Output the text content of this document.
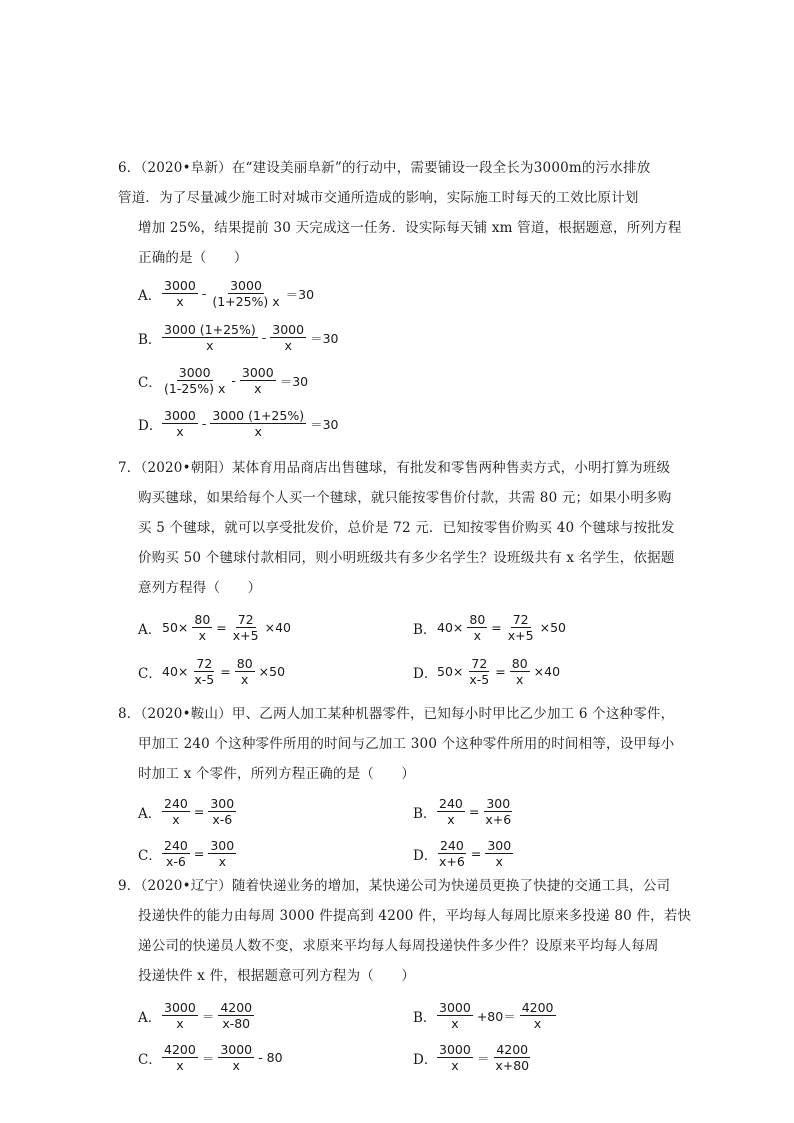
6．（2020•阜新）在“建设美丽阜新”的行动中，需要铺设一段全长为3000m的污水排放
管道．为了尽量减少施工时对城市交通所造成的影响，实际施工时每天的工效比原计划
增加 25%，结果提前 30 天完成这一任务．设实际每天铺 xm 管道，根据题意，所列方程
正确的是（　　）
A． $\frac{3000}{x} - \frac{3000}{(1+25\%) x} =30$
B． $\frac{3000 (1+25\%)}{x} - \frac{3000}{x} =30$
C． $\frac{3000}{(1-25\%) x} - \frac{3000}{x} =30$
D． $\frac{3000}{x} - \frac{3000 (1+25\%)}{x} =30$
7．（2020•朝阳）某体育用品商店出售毽球，有批发和零售两种售卖方式，小明打算为班级
购买毽球，如果给每个人买一个毽球，就只能按零售价付款，共需 80 元；如果小明多购
买 5 个毽球，就可以享受批发价，总价是 72 元．已知按零售价购买 40 个毽球与按批发
价购买 50 个毽球付款相同，则小明班级共有多少名学生？设班级共有 x 名学生，依据题
意列方程得（　　）
A． $50\times \frac{80}{x} = \frac{72}{x+5} \times 40$	B． $40\times \frac{80}{x} = \frac{72}{x+5} \times 50$
C． $40\times \frac{72}{x-5} = \frac{80}{x} \times 50$	D． $50\times \frac{72}{x-5} = \frac{80}{x} \times 40$
8．（2020•鞍山）甲、乙两人加工某种机器零件，已知每小时甲比乙少加工 6 个这种零件，
甲加工 240 个这种零件所用的时间与乙加工 300 个这种零件所用的时间相等，设甲每小
时加工 x 个零件，所列方程正确的是（　　）
A． $\frac{240}{x} = \frac{300}{x-6}$	B． $\frac{240}{x} = \frac{300}{x+6}$
C． $\frac{240}{x-6} = \frac{300}{x}$	D． $\frac{240}{x+6} = \frac{300}{x}$
9．（2020•辽宁）随着快递业务的增加，某快递公司为快递员更换了快捷的交通工具，公司
投递快件的能力由每周 3000 件提高到 4200 件，平均每人每周比原来多投递 80 件，若快
递公司的快递员人数不变，求原来平均每人每周投递快件多少件？设原来平均每人每周
投递快件 x 件，根据题意可列方程为（　　）
A． $\frac{3000}{x} = \frac{4200}{x-80}$	B． $\frac{3000}{x} +80= \frac{4200}{x}$
C． $\frac{4200}{x} = \frac{3000}{x} - 80$	D． $\frac{3000}{x} = \frac{4200}{x+80}$
